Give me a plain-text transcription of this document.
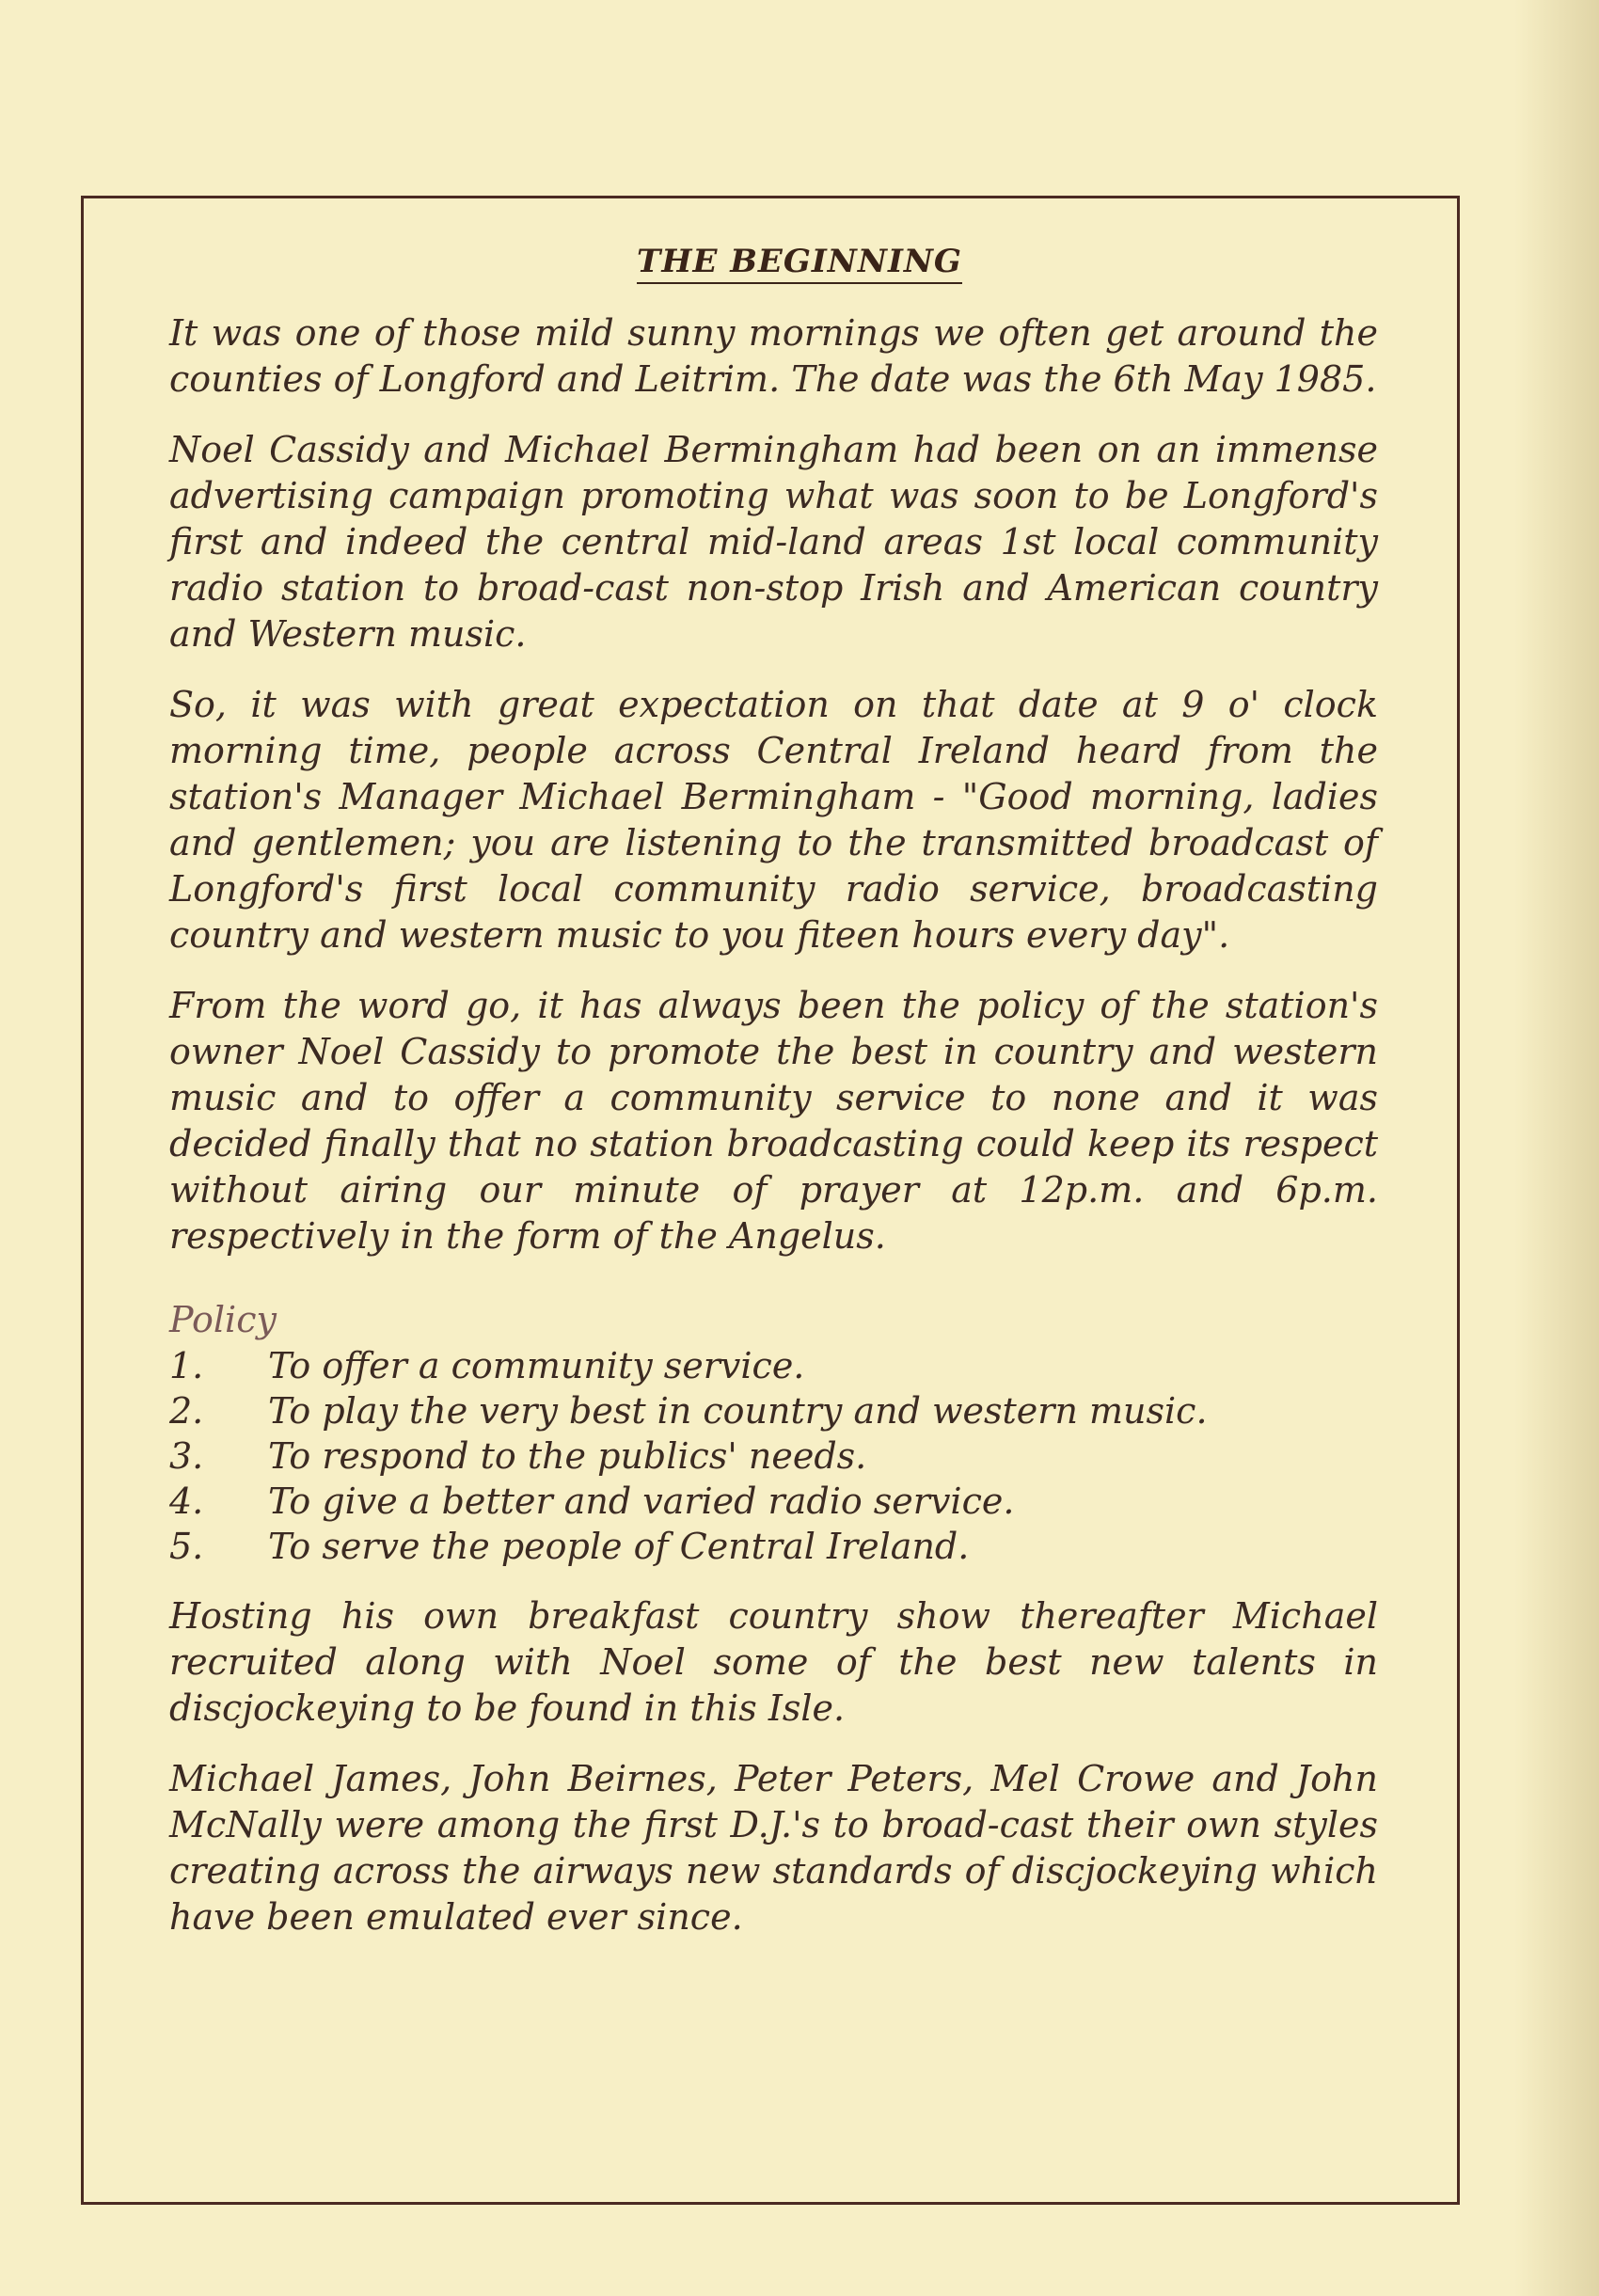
THE BEGINNING

It was one of those mild sunny mornings we often get around the counties of Longford and Leitrim. The date was the 6th May 1985.

Noel Cassidy and Michael Bermingham had been on an immense advertising campaign promoting what was soon to be Longford's first and indeed the central mid-land areas 1st local community radio station to broad-cast non-stop Irish and American country and Western music.

So, it was with great expectation on that date at 9 o' clock morning time, people across Central Ireland heard from the station's Manager Michael Bermingham - "Good morning, ladies and gentlemen; you are listening to the transmitted broadcast of Longford's first local community radio service, broadcasting country and western music to you fiteen hours every day".

From the word go, it has always been the policy of the station's owner Noel Cassidy to promote the best in country and western music and to offer a community service to none and it was decided finally that no station broadcasting could keep its respect without airing our minute of prayer at 12p.m. and 6p.m. respectively in the form of the Angelus.

Policy
1.	To offer a community service.
2.	To play the very best in country and western music.
3.	To respond to the publics' needs.
4.	To give a better and varied radio service.
5.	To serve the people of Central Ireland.

Hosting his own breakfast country show thereafter Michael recruited along with Noel some of the best new talents in discjockeying to be found in this Isle.

Michael James, John Beirnes, Peter Peters, Mel Crowe and John McNally were among the first D.J.'s to broad-cast their own styles creating across the airways new standards of discjockeying which have been emulated ever since.
